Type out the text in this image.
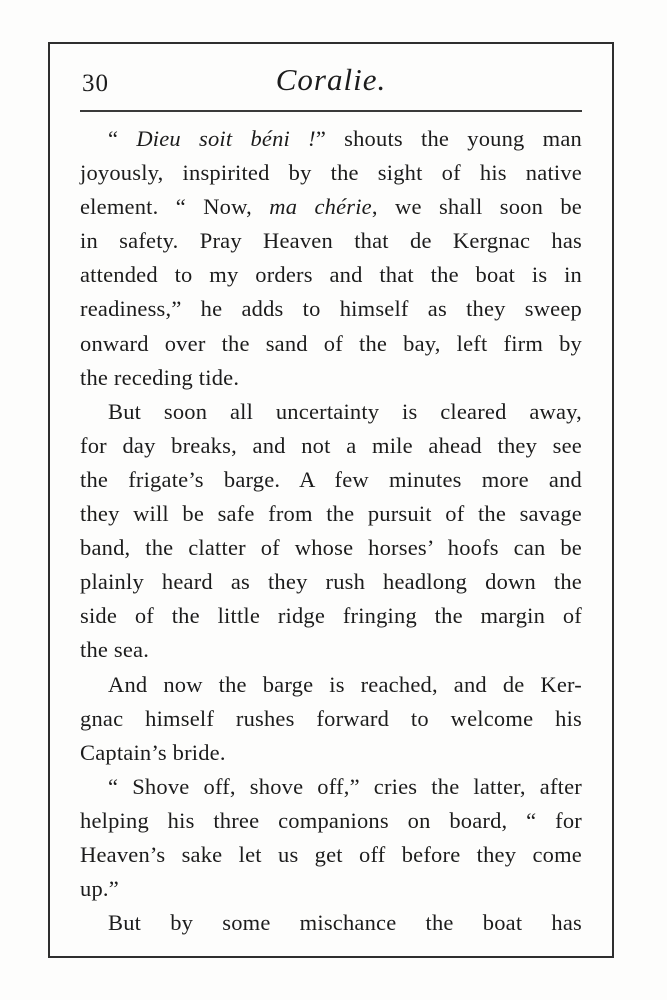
30	Coralie.
“ Dieu soit béni !” shouts the young man
joyously, inspirited by the sight of his native
element. “ Now, ma chérie, we shall soon be
in safety. Pray Heaven that de Kergnac has
attended to my orders and that the boat is in
readiness,” he adds to himself as they sweep
onward over the sand of the bay, left firm by
the receding tide.
But soon all uncertainty is cleared away,
for day breaks, and not a mile ahead they see
the frigate’s barge. A few minutes more and
they will be safe from the pursuit of the savage
band, the clatter of whose horses’ hoofs can be
plainly heard as they rush headlong down the
side of the little ridge fringing the margin of
the sea.
And now the barge is reached, and de Ker-
gnac himself rushes forward to welcome his
Captain’s bride.
“ Shove off, shove off,” cries the latter, after
helping his three companions on board, “ for
Heaven’s sake let us get off before they come
up.”
But by some mischance the boat has
